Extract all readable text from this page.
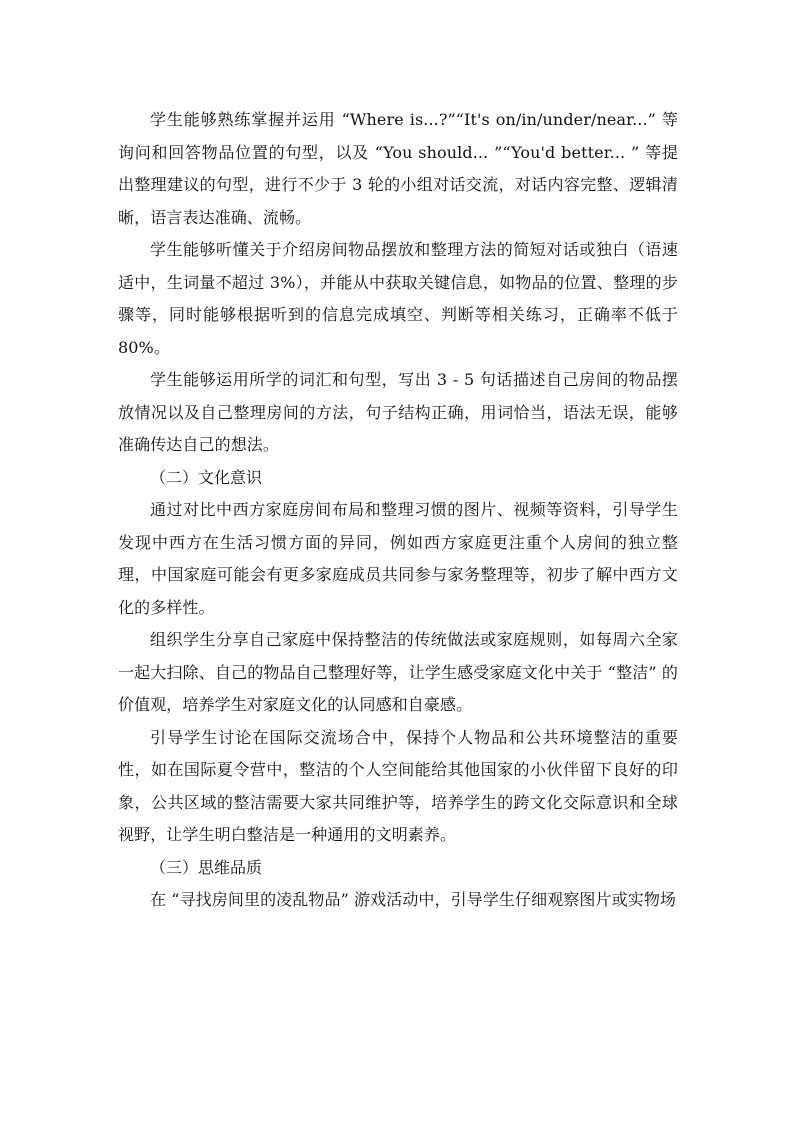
学生能够熟练掌握并运用 “Where is...?”“It's on/in/under/near...” 等询问和回答物品位置的句型，以及 “You should... ”“You'd better... ” 等提出整理建议的句型，进行不少于 3 轮的小组对话交流，对话内容完整、逻辑清晰，语言表达准确、流畅。

学生能够听懂关于介绍房间物品摆放和整理方法的简短对话或独白（语速适中，生词量不超过 3%），并能从中获取关键信息，如物品的位置、整理的步骤等，同时能够根据听到的信息完成填空、判断等相关练习，正确率不低于 80%。

学生能够运用所学的词汇和句型，写出 3 - 5 句话描述自己房间的物品摆放情况以及自己整理房间的方法，句子结构正确，用词恰当，语法无误，能够准确传达自己的想法。

（二）文化意识

通过对比中西方家庭房间布局和整理习惯的图片、视频等资料，引导学生发现中西方在生活习惯方面的异同，例如西方家庭更注重个人房间的独立整理，中国家庭可能会有更多家庭成员共同参与家务整理等，初步了解中西方文化的多样性。

组织学生分享自己家庭中保持整洁的传统做法或家庭规则，如每周六全家一起大扫除、自己的物品自己整理好等，让学生感受家庭文化中关于 “整洁” 的价值观，培养学生对家庭文化的认同感和自豪感。

引导学生讨论在国际交流场合中，保持个人物品和公共环境整洁的重要性，如在国际夏令营中，整洁的个人空间能给其他国家的小伙伴留下良好的印象，公共区域的整洁需要大家共同维护等，培养学生的跨文化交际意识和全球视野，让学生明白整洁是一种通用的文明素养。

（三）思维品质

在 “寻找房间里的凌乱物品” 游戏活动中，引导学生仔细观察图片或实物场
